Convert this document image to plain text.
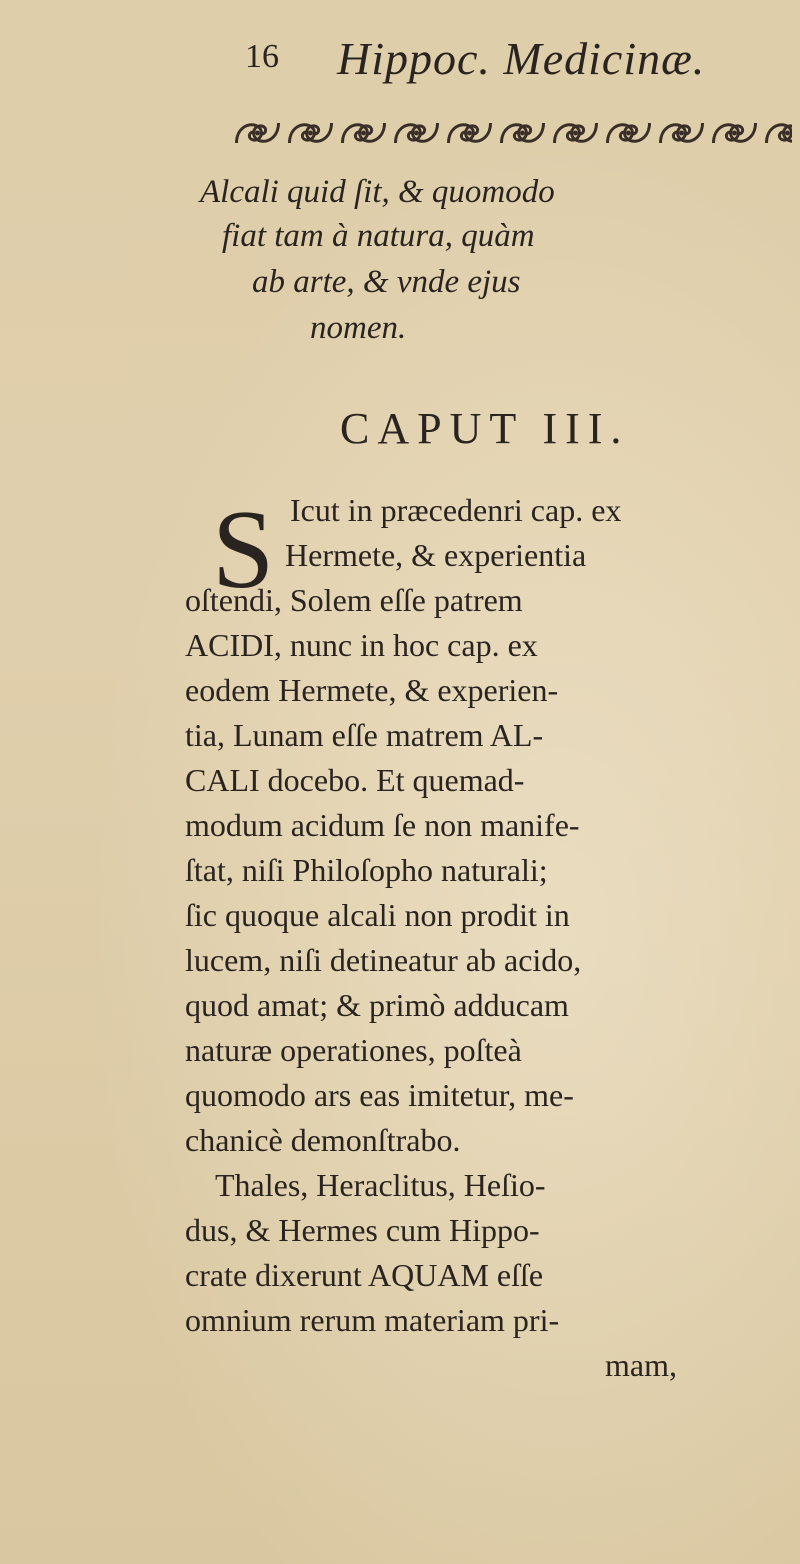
16 Hippoc. Medicinæ.
Alcali quid ſit, & quomodo
fiat tam à natura, quàm
ab arte, & vnde ejus
nomen.
CAPUT III.
S Icut in præcedenri cap. ex
Hermete, & experientia
oſtendi, Solem eſſe patrem
ACIDI, nunc in hoc cap. ex
eodem Hermete, & experien-
tia, Lunam eſſe matrem AL-
CALI docebo. Et quemad-
modum acidum ſe non manife-
ſtat, niſi Philoſopho naturali;
ſic quoque alcali non prodit in
lucem, niſi detineatur ab acido,
quod amat; & primò adducam
naturæ operationes, poſteà
quomodo ars eas imitetur, me-
chanicè demonſtrabo.
Thales, Heraclitus, Heſio-
dus, & Hermes cum Hippo-
crate dixerunt AQUAM eſſe
omnium rerum materiam pri-
mam,
